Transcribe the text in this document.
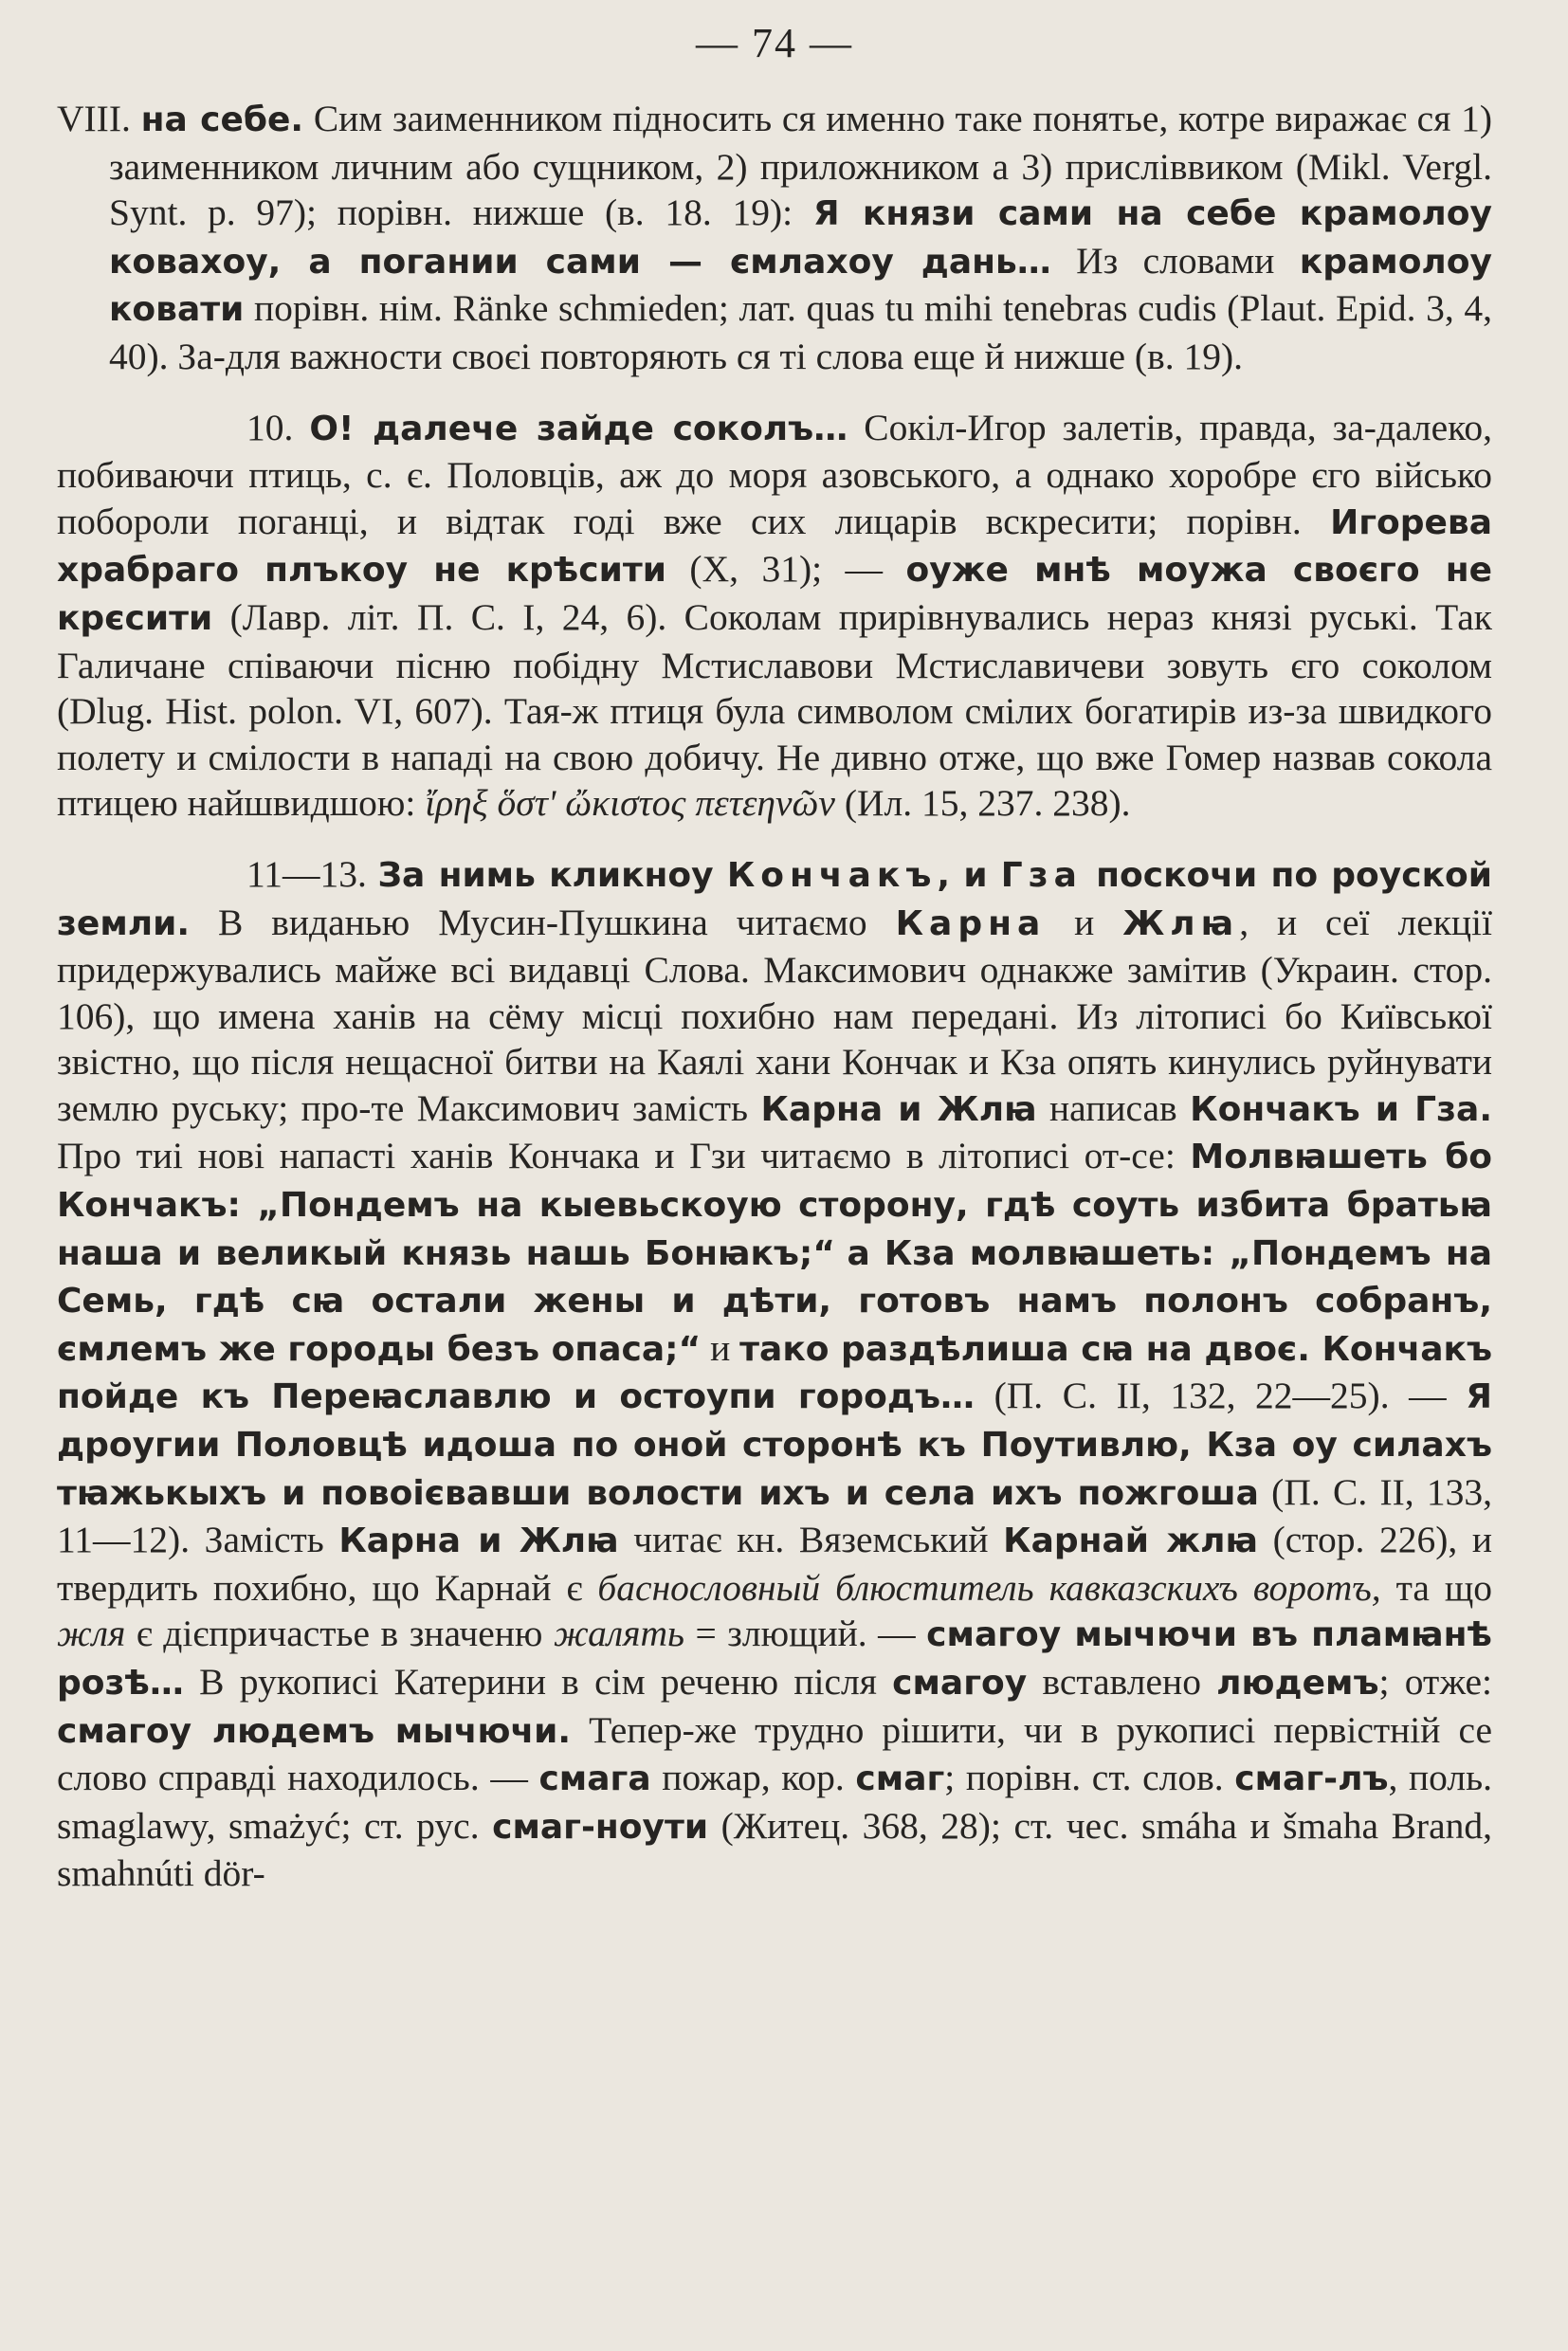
— 74 —

VIII. на себе. Сим заименником підносить ся именно таке понятье, котре виражає ся 1) заименником личним або сущником, 2) приложником а 3) присліввиком (Mikl. Vergl. Synt. p. 97); порівн. нижше (в. 18. 19): Я князи сами на себе крамолоу ковахоу, а погании сами — ємлахоу дань… Из словами крамолоу ковати порівн. нім. Ränke schmieden; лат. quas tu mihi tenebras cudis (Plaut. Epid. 3, 4, 40). За-для важности своєі повторяють ся ті слова еще й нижше (в. 19).

10. О! далече зайде соколъ… Сокіл-Игор залетів, правда, за-далеко, побиваючи птиць, с. є. Половців, аж до моря азовського, а однако хоробре єго військо побороли поганці, и відтак годі вже сих лицарів вскресити; порівн. Игорева храбраго плъкоу не крѣсити (X, 31); — оуже мнѣ моужа своєго не крєсити (Лавр. літ. П. С. І, 24, 6). Соколам прирівнувались нераз князі руські. Так Галичане співаючи пісню побідну Мстиславови Мстиславичеви зовуть єго соколом (Dlug. Hist. polon. VI, 607). Тая-ж птиця була символом смілих богатирів из-за швидкого полету и смілости в нападі на свою добичу. Не дивно отже, що вже Гомер назвав сокола птицею найшвидшою: ἴρηξ ὅστ' ὤκιστος πετεηνῶν (Ил. 15, 237. 238).

11—13. За нимь кликноу Кончакъ, и Гза поскочи по роуской земли. В виданью Мусин-Пушкина читаємо Карна и Жлꙗ, и сеї лекції придержувались майже всі видавці Слова. Максимович однакже замітив (Украин. стор. 106), що имена ханів на сёму місці похибно нам передані. Из літописі бо Київської звістно, що після нещасної битви на Каялі хани Кончак и Кза опять кинулись руйнувати землю руську; про-те Максимович замість Карна и Жлꙗ написав Кончакъ и Гза. Про тиі нові напасті ханів Кончака и Гзи читаємо в літописі от-се: Молвꙗшеть бо Кончакъ: „Пондемъ на кыевьскоую сторону, гдѣ соуть избита братьꙗ наша и великый князь нашь Бонꙗкъ;“ а Кза молвꙗшеть: „Пондемъ на Семь, гдѣ сꙗ остали жены и дѣти, готовъ намъ полонъ собранъ, ємлемъ же городы безъ опаса;“ и тако раздѣлиша сꙗ на двоє. Кончакъ пойде къ Переꙗславлю и остоупи городъ… (П. С. II, 132, 22—25). — Я дроугии Половцѣ идоша по оной сторонѣ къ Поутивлю, Кза оу силахъ тꙗжькыхъ и повоієвавши волости ихъ и села ихъ пожгоша (П. С. II, 133, 11—12). Замість Карна и Жлꙗ читає кн. Вяземський Карнай жлꙗ (стор. 226), и твердить похибно, що Карнай є баснословный блюститель кавказскихъ воротъ, та що жля є дієпричастье в значеню жалять = злющий. — смагоу мычючи въ пламꙗнѣ розѣ… В рукописі Катерини в сім реченю після смагоу вставлено людемъ; отже: смагоу людемъ мычючи. Тепер-же трудно рішити, чи в рукописі первістній се слово справді находилось. — смага пожар, кор. смаг; порівн. ст. слов. смаг-лъ, поль. smaglawy, smażyć; ст. рус. смаг-ноути (Житец. 368, 28); ст. чес. smáha и šmaha Brand, smahnúti dör-
